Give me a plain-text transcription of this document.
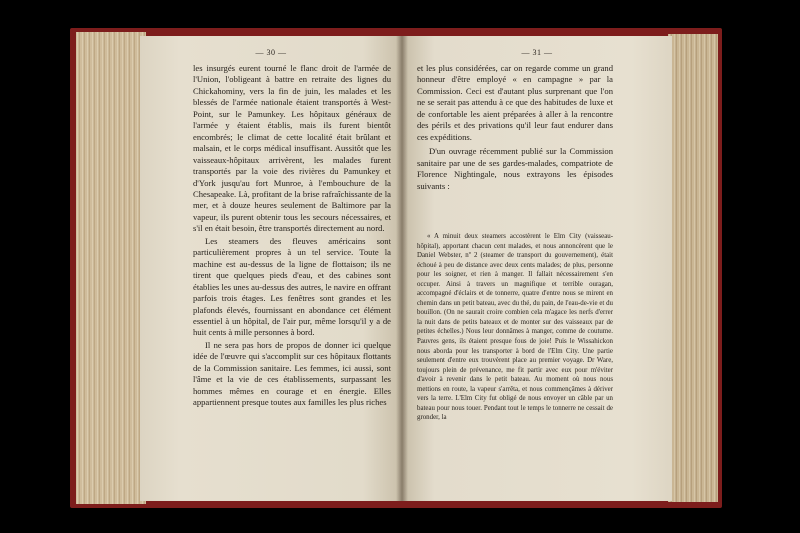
— 30 —	— 31 —

les insurgés eurent tourné le flanc droit de l'armée de l'Union, l'obligeant à battre en retraite des lignes du Chickahominy, vers la fin de juin, les malades et les blessés de l'armée nationale étaient transportés à West-Point, sur le Pamunkey. Les hôpitaux généraux de l'armée y étaient établis, mais ils furent bientôt encombrés; le climat de cette localité était brûlant et malsain, et le corps médical insuffisant. Aussitôt que les vaisseaux-hôpitaux arrivèrent, les malades furent transportés par la voie des rivières du Pamunkey et d'York jusqu'au fort Munroe, à l'embouchure de la Chesapeake. Là, profitant de la brise rafraîchissante de la mer, et à douze heures seulement de Baltimore par la vapeur, ils purent obtenir tous les secours nécessaires, et s'il en était besoin, être transportés directement au nord.

Les steamers des fleuves américains sont particulièrement propres à un tel service. Toute la machine est au-dessus de la ligne de flottaison; ils ne tirent que quelques pieds d'eau, et des cabines sont établies les unes au-dessus des autres, le navire en offrant parfois trois étages. Les fenêtres sont grandes et les plafonds élevés, fournissant en abondance cet élément essentiel à un hôpital, de l'air pur, même lorsqu'il y a de huit cents à mille personnes à bord.

Il ne sera pas hors de propos de donner ici quelque idée de l'œuvre qui s'accomplit sur ces hôpitaux flottants de la Commission sanitaire. Les femmes, ici aussi, sont l'âme et la vie de ces établissements, surpassant les hommes mêmes en courage et en énergie. Elles appartiennent presque toutes aux familles les plus riches

et les plus considérées, car on regarde comme un grand honneur d'être employé « en campagne » par la Commission. Ceci est d'autant plus surprenant que l'on ne se serait pas attendu à ce que des habitudes de luxe et de confortable les aient préparées à aller à la rencontre des périls et des privations qu'il leur faut endurer dans ces expéditions.

D'un ouvrage récemment publié sur la Commission sanitaire par une de ses gardes-malades, compatriote de Florence Nightingale, nous extrayons les épisodes suivants :

« A minuit deux steamers accostèrent le Elm City (vaisseau-hôpital), apportant chacun cent malades, et nous annoncèrent que le Daniel Webster, nº 2 (steamer de transport du gouvernement), était échoué à peu de distance avec deux cents malades; de plus, personne pour les soigner, et rien à manger. Il fallait nécessairement s'en occuper. Ainsi à travers un magnifique et terrible ouragan, accompagné d'éclairs et de tonnerre, quatre d'entre nous se mirent en chemin dans un petit bateau, avec du thé, du pain, de l'eau-de-vie et du bouillon. (On ne saurait croire combien cela m'agace les nerfs d'errer la nuit dans de petits bateaux et de monter sur des vaisseaux par de petites échelles.) Nous leur donnâmes à manger, comme de coutume. Pauvres gens, ils étaient presque fous de joie! Puis le Wissahickon nous aborda pour les transporter à bord de l'Elm City. Une partie seulement d'entre eux trouvèrent place au premier voyage. Dr Ware, toujours plein de prévenance, me fit partir avec eux pour m'éviter d'avoir à revenir dans le petit bateau. Au moment où nous nous mettions en route, la vapeur s'arrêta, et nous commençâmes à dériver vers la terre. L'Elm City fut obligé de nous envoyer un câble par un bateau pour nous touer. Pendant tout le temps le tonnerre ne cessait de gronder, la
